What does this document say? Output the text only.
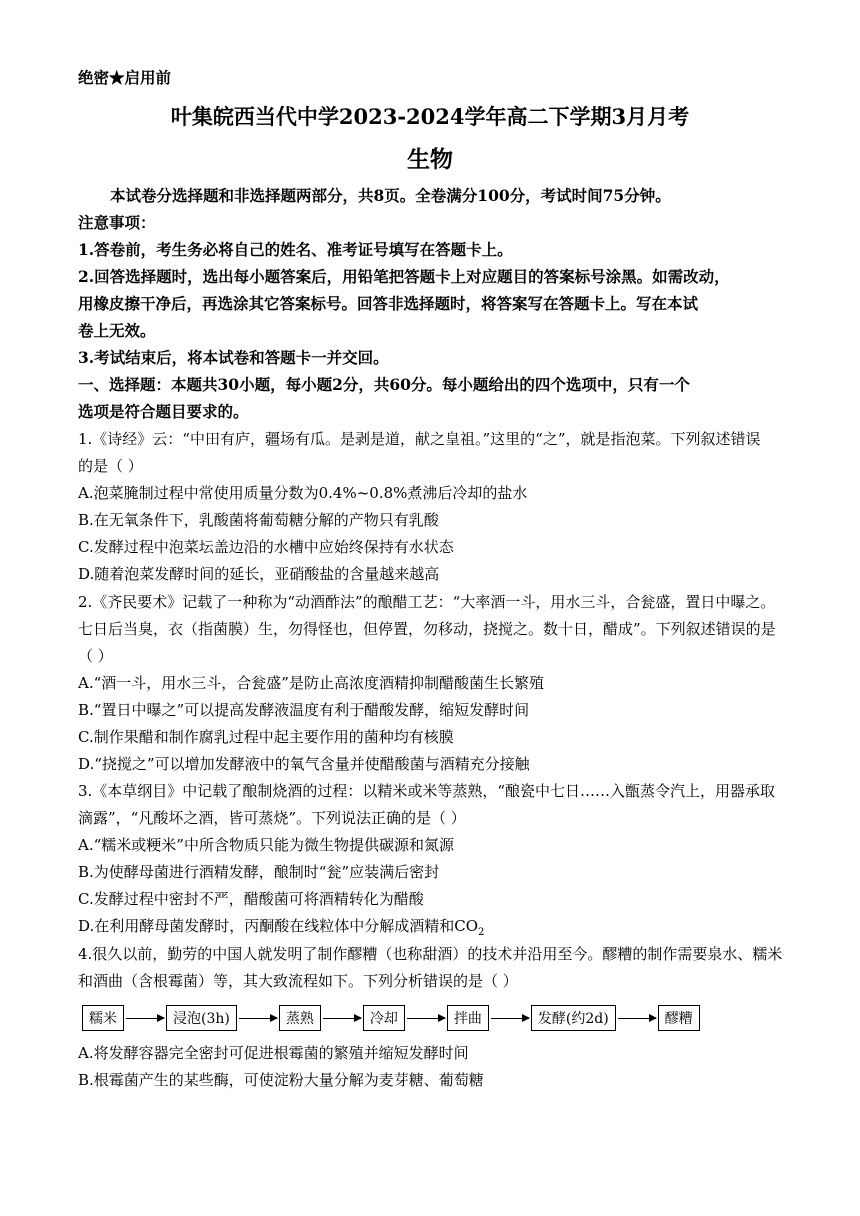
绝密★启用前
叶集皖西当代中学2023-2024学年高二下学期3月月考
生物
本试卷分选择题和非选择题两部分，共8页。全卷满分100分，考试时间75分钟。
注意事项：
1.答卷前，考生务必将自己的姓名、准考证号填写在答题卡上。
2.回答选择题时，选出每小题答案后，用铅笔把答题卡上对应题目的答案标号涂黑。如需改动，
用橡皮擦干净后，再选涂其它答案标号。回答非选择题时，将答案写在答题卡上。写在本试
卷上无效。
3.考试结束后，将本试卷和答题卡一并交回。
一、选择题：本题共30小题，每小题2分，共60分。每小题给出的四个选项中，只有一个
选项是符合题目要求的。
1.《诗经》云：“中田有庐，疆场有瓜。是剥是道，献之皇祖。”这里的“之”，就是指泡菜。下列叙述错误
的是（ ）
A.泡菜腌制过程中常使用质量分数为0.4%~0.8%煮沸后冷却的盐水
B.在无氧条件下，乳酸菌将葡萄糖分解的产物只有乳酸
C.发酵过程中泡菜坛盖边沿的水槽中应始终保持有水状态
D.随着泡菜发酵时间的延长，亚硝酸盐的含量越来越高
2.《齐民要术》记载了一种称为“动酒酢法”的酿醋工艺：“大率酒一斗，用水三斗，合瓮盛，置日中曝之。
七日后当臭，衣（指菌膜）生，勿得怪也，但停置，勿移动，挠搅之。数十日，醋成”。下列叙述错误的是
（ ）
A.“酒一斗，用水三斗，合瓮盛”是防止高浓度酒精抑制醋酸菌生长繁殖
B.“置日中曝之”可以提高发酵液温度有利于醋酸发酵，缩短发酵时间
C.制作果醋和制作腐乳过程中起主要作用的菌种均有核膜
D.“挠搅之”可以增加发酵液中的氧气含量并使醋酸菌与酒精充分接触
3.《本草纲目》中记载了酿制烧酒的过程：以精米或米等蒸熟，“酿瓷中七日……入甑蒸令汽上，用器承取
滴露”，“凡酸坏之酒，皆可蒸烧”。下列说法正确的是（ ）
A.“糯米或粳米”中所含物质只能为微生物提供碳源和氮源
B.为使酵母菌进行酒精发酵，酿制时“瓮”应装满后密封
C.发酵过程中密封不严，醋酸菌可将酒精转化为醋酸
D.在利用酵母菌发酵时，丙酮酸在线粒体中分解成酒精和$CO_2$
4.很久以前，勤劳的中国人就发明了制作醪糟（也称甜酒）的技术并沿用至今。醪糟的制作需要泉水、糯米
和酒曲（含根霉菌）等，其大致流程如下。下列分析错误的是（ ）
糯米	浸泡(3h)	蒸熟	冷却	拌曲	发酵(约2d)	醪糟
A.将发酵容器完全密封可促进根霉菌的繁殖并缩短发酵时间
B.根霉菌产生的某些酶，可使淀粉大量分解为麦芽糖、葡萄糖
